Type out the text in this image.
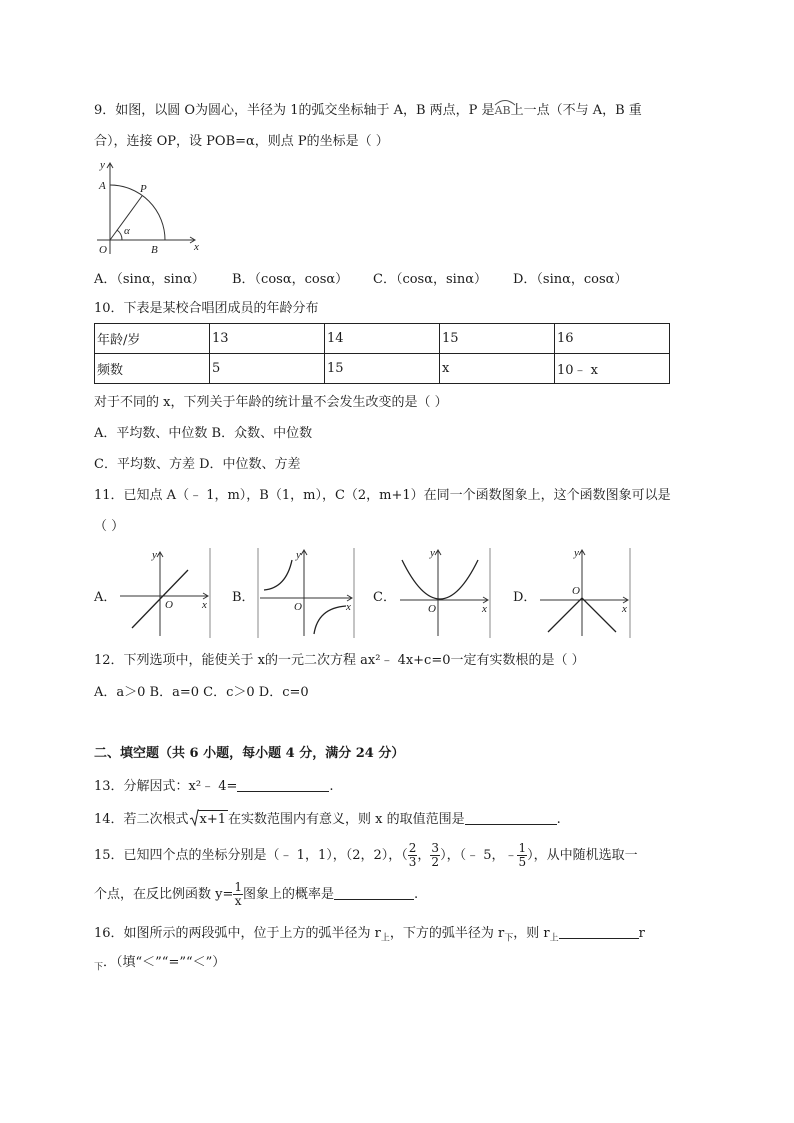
9．如图，以圆 O为圆心，半径为 1的弧交坐标轴于 A，B 两点，P 是
AB上一点（不与 A，B 重
合），连接 OP，设 POB=α，则点 P的坐标是（ ）
y
A	P
α
O	B	x
A．（sinα，sinα） B．（cosα，cosα） C．（cosα，sinα） D．（sinα，cosα）
10．下表是某校合唱团成员的年龄分布
年龄/岁	13	14	15	16
频数	5	15	x	10﹣ x
对于不同的 x，下列关于年龄的统计量不会发生改变的是（ ）
A．平均数、中位数 B．众数、中位数
C．平均数、方差 D．中位数、方差
11．已知点 A（﹣ 1，m），B（1，m），C（2，m+1）在同一个函数图象上，这个函数图象可以是
（ ）
A．
y
O	x B．
y
O	x
C．
y
O	x
D．
y
O
x
12．下列选项中，能使关于 x的一元二次方程 ax²﹣ 4x+c=0一定有实数根的是（ ）
A．a＞0 B．a=0 C．c＞0 D．c=0
二、填空题（共 6 小题，每小题 4 分，满分 24 分）
13．分解因式：x²﹣ 4=	.
14．若二次根式 x+1 在实数范围内有意义，则 x 的取值范围是	.
15．已知四个点的坐标分别是（﹣ 1，1），（2，2），（ $\frac{2}{3}$ ， $\frac{3}{2}$ ），（﹣ 5，﹣ $\frac{1}{5}$ ），从中随机选取一
个点，在反比例函数 $y= \frac{1}{x}$ 图象上的概率是	.
16．如图所示的两段弧中，位于上方的弧半径为 $r_上$，下方的弧半径为 $r_下$，则 $r_上$	r
$_下$．（填“＜”“=”“＜”）
